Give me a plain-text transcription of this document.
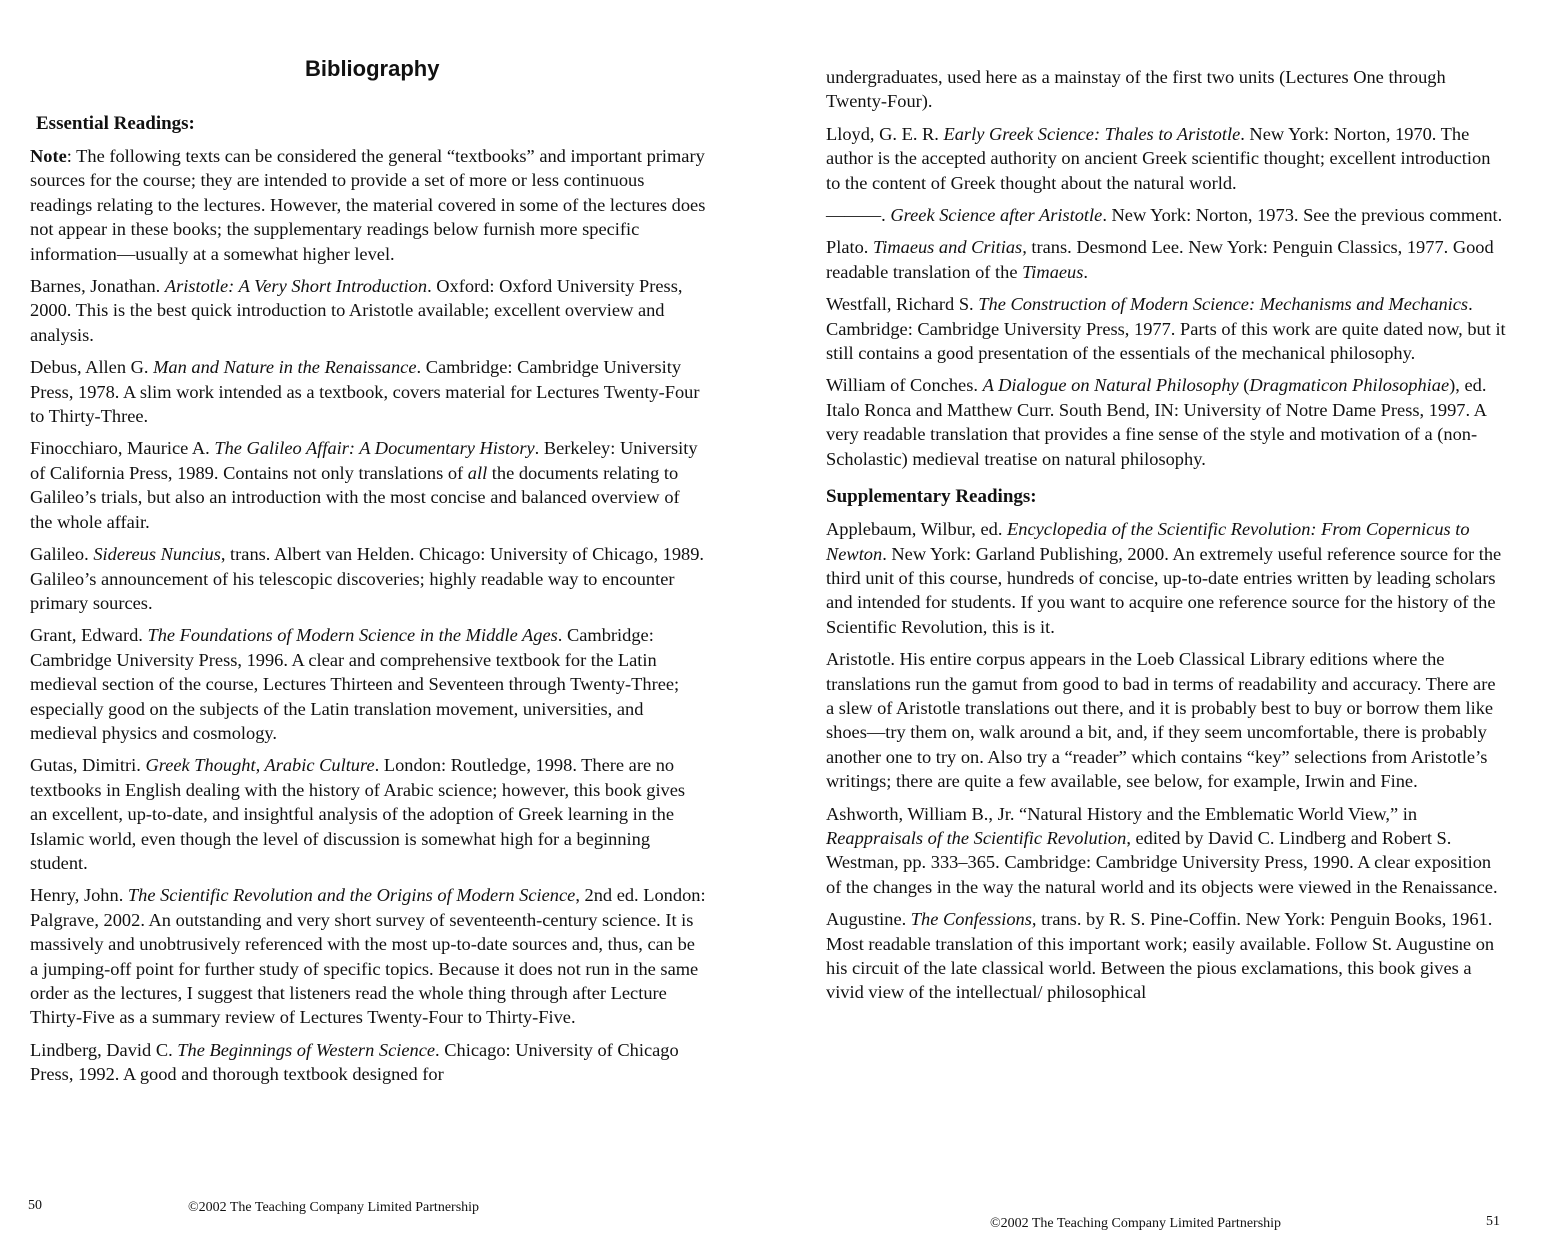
Bibliography
Essential Readings:

Note: The following texts can be considered the general “textbooks” and important primary sources for the course; they are intended to provide a set of more or less continuous readings relating to the lectures. However, the material covered in some of the lectures does not appear in these books; the supplementary readings below furnish more specific information—usually at a somewhat higher level.

Barnes, Jonathan. Aristotle: A Very Short Introduction. Oxford: Oxford University Press, 2000. This is the best quick introduction to Aristotle available; excellent overview and analysis.

Debus, Allen G. Man and Nature in the Renaissance. Cambridge: Cambridge University Press, 1978. A slim work intended as a textbook, covers material for Lectures Twenty-Four to Thirty-Three.

Finocchiaro, Maurice A. The Galileo Affair: A Documentary History. Berkeley: University of California Press, 1989. Contains not only translations of all the documents relating to Galileo’s trials, but also an introduction with the most concise and balanced overview of the whole affair.

Galileo. Sidereus Nuncius, trans. Albert van Helden. Chicago: University of Chicago, 1989. Galileo’s announcement of his telescopic discoveries; highly readable way to encounter primary sources.

Grant, Edward. The Foundations of Modern Science in the Middle Ages. Cambridge: Cambridge University Press, 1996. A clear and comprehensive textbook for the Latin medieval section of the course, Lectures Thirteen and Seventeen through Twenty-Three; especially good on the subjects of the Latin translation movement, universities, and medieval physics and cosmology.

Gutas, Dimitri. Greek Thought, Arabic Culture. London: Routledge, 1998. There are no textbooks in English dealing with the history of Arabic science; however, this book gives an excellent, up-to-date, and insightful analysis of the adoption of Greek learning in the Islamic world, even though the level of discussion is somewhat high for a beginning student.

Henry, John. The Scientific Revolution and the Origins of Modern Science, 2nd ed. London: Palgrave, 2002. An outstanding and very short survey of seventeenth-century science. It is massively and unobtrusively referenced with the most up-to-date sources and, thus, can be a jumping-off point for further study of specific topics. Because it does not run in the same order as the lectures, I suggest that listeners read the whole thing through after Lecture Thirty-Five as a summary review of Lectures Twenty-Four to Thirty-Five.

Lindberg, David C. The Beginnings of Western Science. Chicago: University of Chicago Press, 1992. A good and thorough textbook designed for

50	©2002 The Teaching Company Limited Partnership

undergraduates, used here as a mainstay of the first two units (Lectures One through Twenty-Four).

Lloyd, G. E. R. Early Greek Science: Thales to Aristotle. New York: Norton, 1970. The author is the accepted authority on ancient Greek scientific thought; excellent introduction to the content of Greek thought about the natural world.

———. Greek Science after Aristotle. New York: Norton, 1973. See the previous comment.

Plato. Timaeus and Critias, trans. Desmond Lee. New York: Penguin Classics, 1977. Good readable translation of the Timaeus.

Westfall, Richard S. The Construction of Modern Science: Mechanisms and Mechanics. Cambridge: Cambridge University Press, 1977. Parts of this work are quite dated now, but it still contains a good presentation of the essentials of the mechanical philosophy.

William of Conches. A Dialogue on Natural Philosophy (Dragmaticon Philosophiae), ed. Italo Ronca and Matthew Curr. South Bend, IN: University of Notre Dame Press, 1997. A very readable translation that provides a fine sense of the style and motivation of a (non-Scholastic) medieval treatise on natural philosophy.

Supplementary Readings:

Applebaum, Wilbur, ed. Encyclopedia of the Scientific Revolution: From Copernicus to Newton. New York: Garland Publishing, 2000. An extremely useful reference source for the third unit of this course, hundreds of concise, up-to-date entries written by leading scholars and intended for students. If you want to acquire one reference source for the history of the Scientific Revolution, this is it.

Aristotle. His entire corpus appears in the Loeb Classical Library editions where the translations run the gamut from good to bad in terms of readability and accuracy. There are a slew of Aristotle translations out there, and it is probably best to buy or borrow them like shoes—try them on, walk around a bit, and, if they seem uncomfortable, there is probably another one to try on. Also try a “reader” which contains “key” selections from Aristotle’s writings; there are quite a few available, see below, for example, Irwin and Fine.

Ashworth, William B., Jr. “Natural History and the Emblematic World View,” in Reappraisals of the Scientific Revolution, edited by David C. Lindberg and Robert S. Westman, pp. 333–365. Cambridge: Cambridge University Press, 1990. A clear exposition of the changes in the way the natural world and its objects were viewed in the Renaissance.

Augustine. The Confessions, trans. by R. S. Pine-Coffin. New York: Penguin Books, 1961. Most readable translation of this important work; easily available. Follow St. Augustine on his circuit of the late classical world. Between the pious exclamations, this book gives a vivid view of the intellectual/ philosophical

©2002 The Teaching Company Limited Partnership	51
